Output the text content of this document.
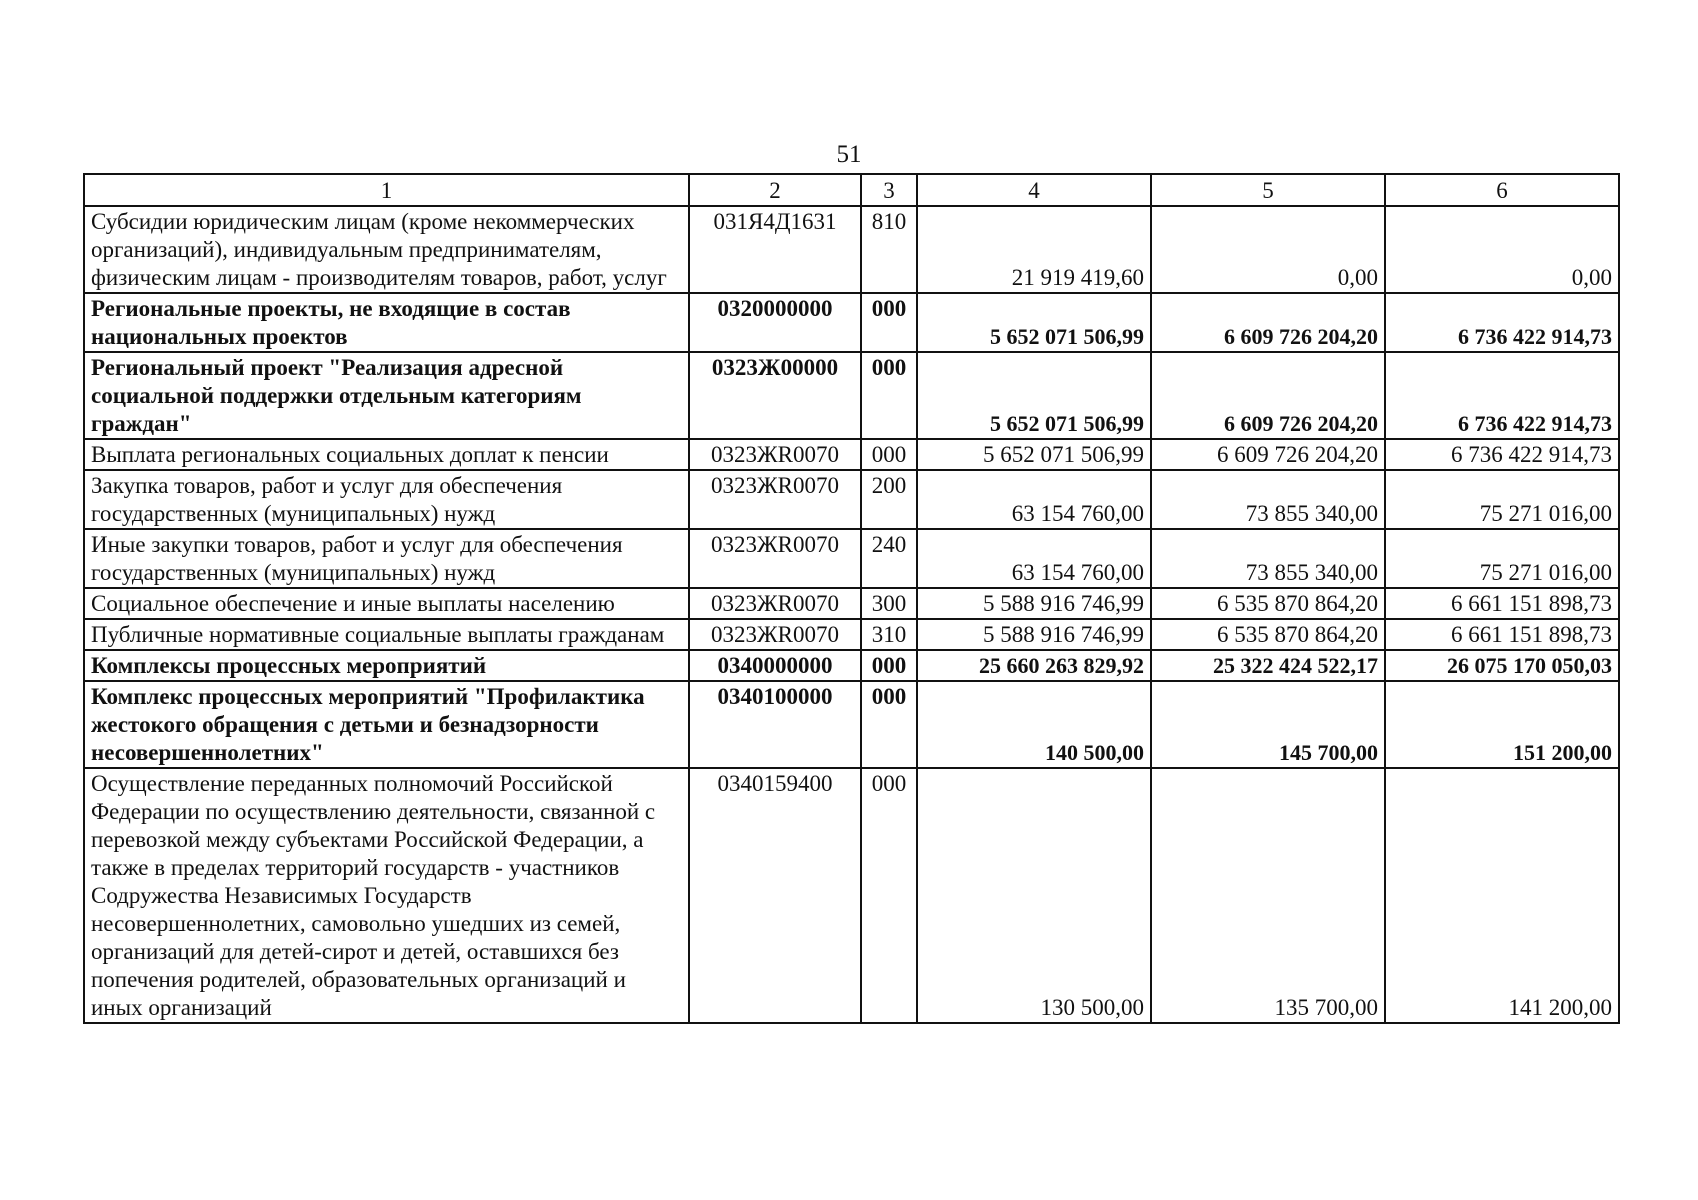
51
1	2	3	4	5	6
Субсидии юридическим лицам (кроме некоммерческих организаций), индивидуальным предпринимателям, физическим лицам - производителям товаров, работ, услуг	031Я4Д1631	810	21 919 419,60	0,00	0,00
Региональные проекты, не входящие в состав национальных проектов	0320000000	000	5 652 071 506,99	6 609 726 204,20	6 736 422 914,73
Региональный проект "Реализация адресной социальной поддержки отдельным категориям граждан"	0323Ж00000	000	5 652 071 506,99	6 609 726 204,20	6 736 422 914,73
Выплата региональных социальных доплат к пенсии	0323ЖR0070	000	5 652 071 506,99	6 609 726 204,20	6 736 422 914,73
Закупка товаров, работ и услуг для обеспечения государственных (муниципальных) нужд	0323ЖR0070	200	63 154 760,00	73 855 340,00	75 271 016,00
Иные закупки товаров, работ и услуг для обеспечения государственных (муниципальных) нужд	0323ЖR0070	240	63 154 760,00	73 855 340,00	75 271 016,00
Социальное обеспечение и иные выплаты населению	0323ЖR0070	300	5 588 916 746,99	6 535 870 864,20	6 661 151 898,73
Публичные нормативные социальные выплаты гражданам	0323ЖR0070	310	5 588 916 746,99	6 535 870 864,20	6 661 151 898,73
Комплексы процессных мероприятий	0340000000	000	25 660 263 829,92	25 322 424 522,17	26 075 170 050,03
Комплекс процессных мероприятий "Профилактика жестокого обращения с детьми и безнадзорности несовершеннолетних"	0340100000	000	140 500,00	145 700,00	151 200,00
Осуществление переданных полномочий Российской Федерации по осуществлению деятельности, связанной с перевозкой между субъектами Российской Федерации, а также в пределах территорий государств - участников Содружества Независимых Государств несовершеннолетних, самовольно ушедших из семей, организаций для детей-сирот и детей, оставшихся без попечения родителей, образовательных организаций и иных организаций	0340159400	000	130 500,00	135 700,00	141 200,00
